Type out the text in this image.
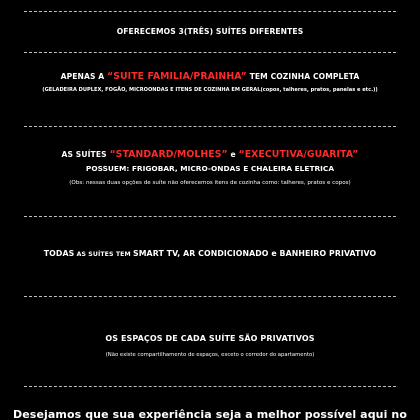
OFERECEMOS 3(TRÊS) SUÍTES DIFERENTES
APENAS A “SUITE FAMILIA/PRAINHA” TEM COZINHA COMPLETA
(GELADEIRA DUPLEX, FOGÃO, MICROONDAS E ITENS DE COZINHA EM GERAL(copos, talheres, pratos, panelas e etc.))
AS SUÍTES “STANDARD/MOLHES” e “EXECUTIVA/GUARITA”
POSSUEM: FRIGOBAR, MICRO-ONDAS E CHALEIRA ELETRICA
(Obs: nessas duas opções de suíte não oferecemos itens de cozinha como: talheres, pratos e copos)
TODAS AS SUÍTES TEM SMART TV, AR CONDICIONADO e BANHEIRO PRIVATIVO
OS ESPAÇOS DE CADA SUÍTE SÃO PRIVATIVOS
(Não existe compartilhamento de espaços, exceto o corredor do apartamento)
Desejamos que sua experiência seja a melhor possível aqui no
